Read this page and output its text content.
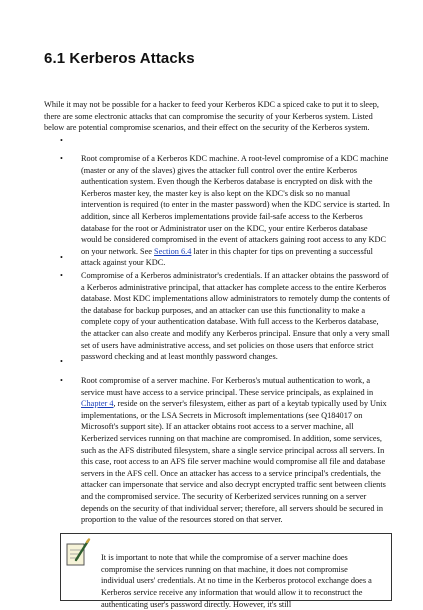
6.1 Kerberos Attacks

While it may not be possible for a hacker to feed your Kerberos KDC a spiced cake to put it to sleep, there are some electronic attacks that can compromise the security of your Kerberos system. Listed below are potential compromise scenarios, and their effect on the security of the Kerberos system.

•
• Root compromise of a Kerberos KDC machine. A root-level compromise of a KDC machine (master or any of the slaves) gives the attacker full control over the entire Kerberos authentication system. Even though the Kerberos database is encrypted on disk with the Kerberos master key, the master key is also kept on the KDC's disk so no manual intervention is required (to enter in the master password) when the KDC service is started. In addition, since all Kerberos implementations provide fail-safe access to the Kerberos database for the root or Administrator user on the KDC, your entire Kerberos database would be considered compromised in the event of attackers gaining root access to any KDC on your network. See Section 6.4 later in this chapter for tips on preventing a successful attack against your KDC.
•
• Compromise of a Kerberos administrator's credentials. If an attacker obtains the password of a Kerberos administrative principal, that attacker has complete access to the entire Kerberos database. Most KDC implementations allow administrators to remotely dump the contents of the database for backup purposes, and an attacker can use this functionality to make a complete copy of your authentication database. With full access to the Kerberos database, the attacker can also create and modify any Kerberos principal. Ensure that only a very small set of users have administrative access, and set policies on those users that enforce strict password checking and at least monthly password changes.
•
• Root compromise of a server machine. For Kerberos's mutual authentication to work, a service must have access to a service principal. These service principals, as explained in Chapter 4, reside on the server's filesystem, either as part of a keytab typically used by Unix implementations, or the LSA Secrets in Microsoft implementations (see Q184017 on Microsoft's support site). If an attacker obtains root access to a server machine, all Kerberized services running on that machine are compromised. In addition, some services, such as the AFS distributed filesystem, share a single service principal across all servers. In this case, root access to an AFS file server machine would compromise all file and database servers in the AFS cell. Once an attacker has access to a service principal's credentials, the attacker can impersonate that service and also decrypt encrypted traffic sent between clients and the compromised service. The security of Kerberized services running on a server depends on the security of that individual server; therefore, all servers should be secured in proportion to the value of the resources stored on that server.

It is important to note that while the compromise of a server machine does compromise the services running on that machine, it does not compromise individual users' credentials. At no time in the Kerberos protocol exchange does a Kerberos service receive any information that would allow it to reconstruct the authenticating user's password directly. However, it's still
